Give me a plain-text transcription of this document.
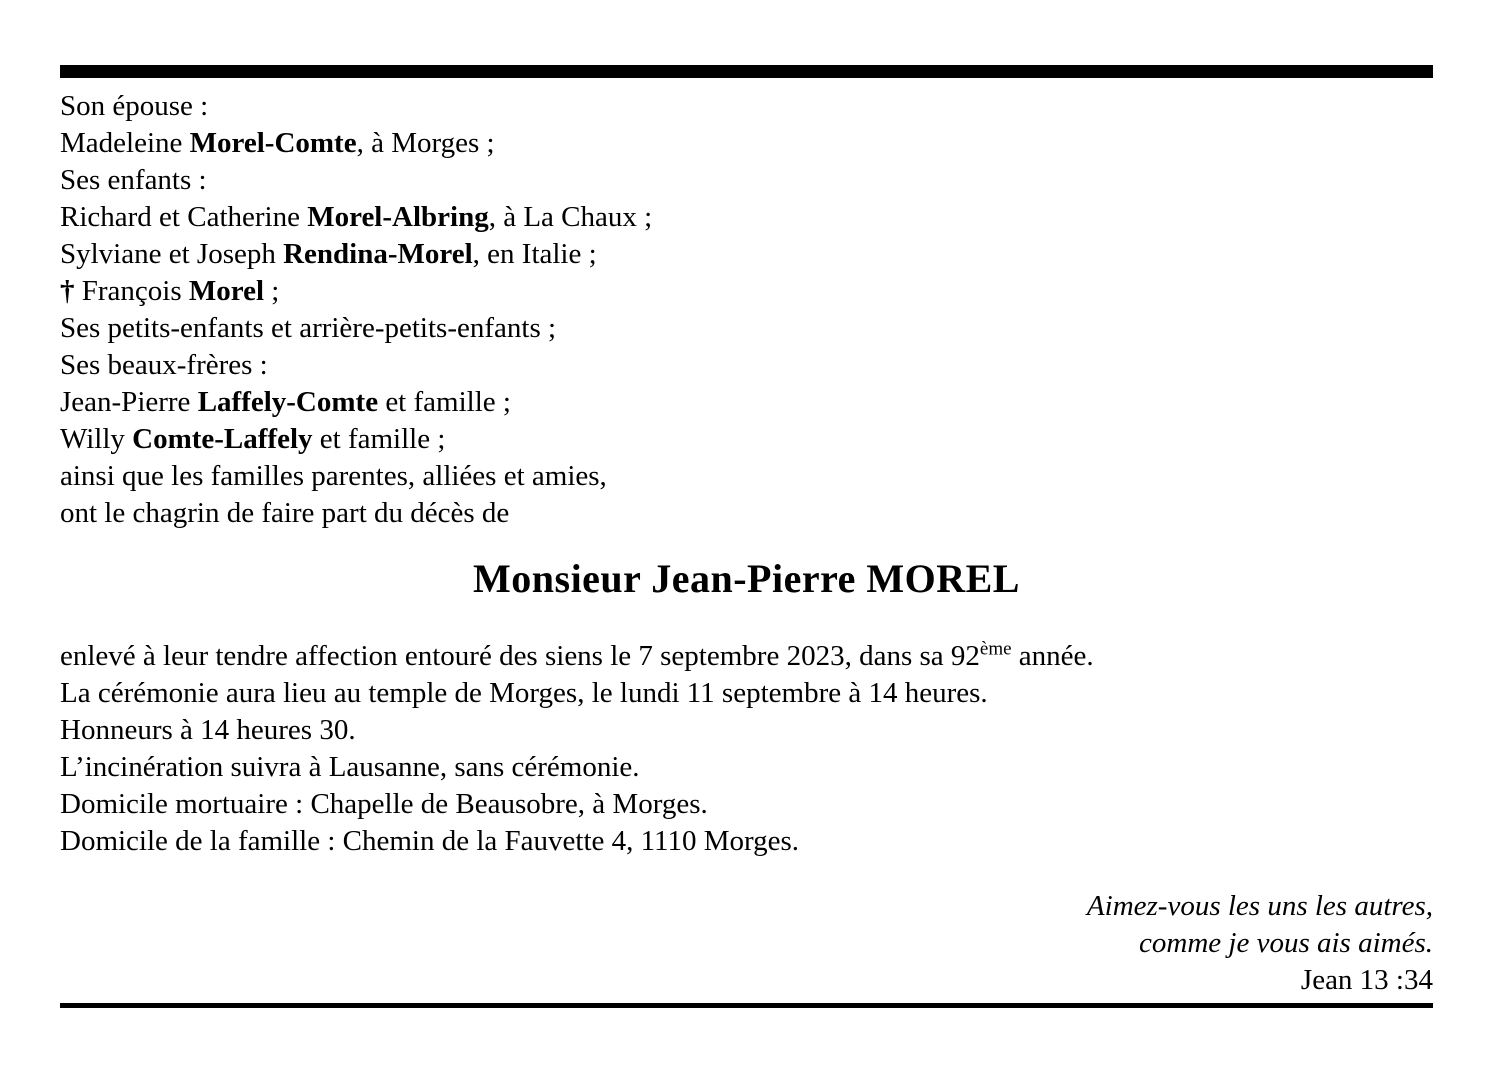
Son épouse :

Madeleine Morel-Comte, à Morges ;

Ses enfants :

Richard et Catherine Morel-Albring, à La Chaux ;

Sylviane et Joseph Rendina-Morel, en Italie ;

† François Morel ;

Ses petits-enfants et arrière-petits-enfants ;

Ses beaux-frères :

Jean-Pierre Laffely-Comte et famille ;

Willy Comte-Laffely et famille ;

ainsi que les familles parentes, alliées et amies,

ont le chagrin de faire part du décès de

Monsieur Jean-Pierre MOREL

enlevé à leur tendre affection entouré des siens le 7 septembre 2023, dans sa 92ème année.

La cérémonie aura lieu au temple de Morges, le lundi 11 septembre à 14 heures.

Honneurs à 14 heures 30.

L’incinération suivra à Lausanne, sans cérémonie.

Domicile mortuaire : Chapelle de Beausobre, à Morges.

Domicile de la famille : Chemin de la Fauvette 4, 1110 Morges.

Aimez-vous les uns les autres,

comme je vous ais aimés.

Jean 13 :34
